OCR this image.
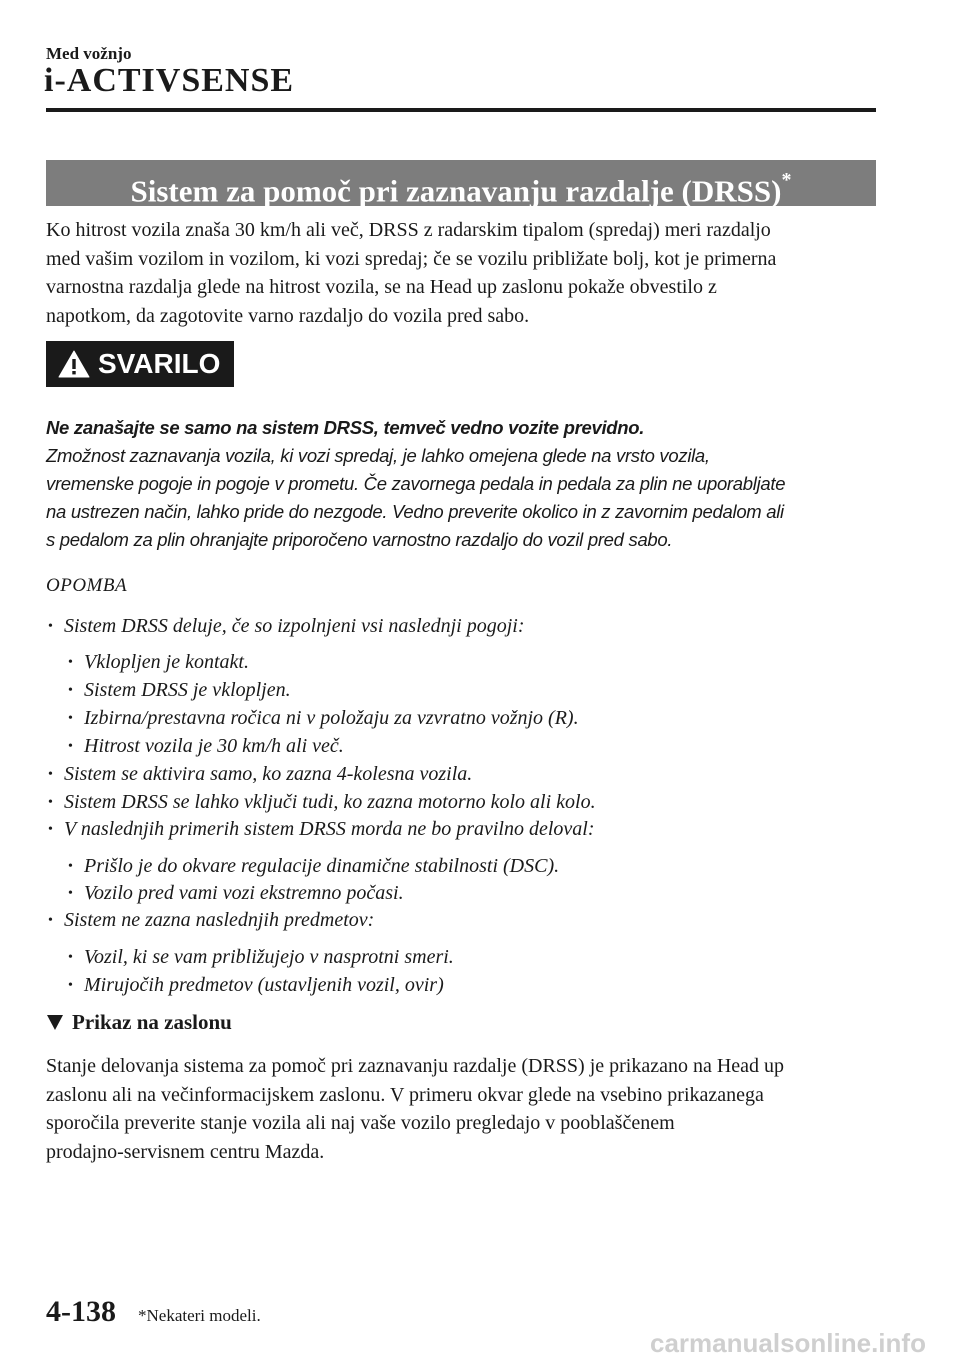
Med vožnjo
i-ACTIVSENSE
Sistem za pomoč pri zaznavanju razdalje (DRSS)*
Ko hitrost vozila znaša 30 km/h ali več, DRSS z radarskim tipalom (spredaj) meri razdaljo
med vašim vozilom in vozilom, ki vozi spredaj; če se vozilu približate bolj, kot je primerna
varnostna razdalja glede na hitrost vozila, se na Head up zaslonu pokaže obvestilo z
napotkom, da zagotovite varno razdaljo do vozila pred sabo.
SVARILO
Ne zanašajte se samo na sistem DRSS, temveč vedno vozite previdno.
Zmožnost zaznavanja vozila, ki vozi spredaj, je lahko omejena glede na vrsto vozila,
vremenske pogoje in pogoje v prometu. Če zavornega pedala in pedala za plin ne uporabljate
na ustrezen način, lahko pride do nezgode. Vedno preverite okolico in z zavornim pedalom ali
s pedalom za plin ohranjajte priporočeno varnostno razdaljo do vozil pred sabo.
OPOMBA
• Sistem DRSS deluje, če so izpolnjeni vsi naslednji pogoji:
• Vklopljen je kontakt.
• Sistem DRSS je vklopljen.
• Izbirna/prestavna ročica ni v položaju za vzvratno vožnjo (R).
• Hitrost vozila je 30 km/h ali več.
• Sistem se aktivira samo, ko zazna 4-kolesna vozila.
• Sistem DRSS se lahko vključi tudi, ko zazna motorno kolo ali kolo.
• V naslednjih primerih sistem DRSS morda ne bo pravilno deloval:
• Prišlo je do okvare regulacije dinamične stabilnosti (DSC).
• Vozilo pred vami vozi ekstremno počasi.
• Sistem ne zazna naslednjih predmetov:
• Vozil, ki se vam približujejo v nasprotni smeri.
• Mirujočih predmetov (ustavljenih vozil, ovir)
Prikaz na zaslonu
Stanje delovanja sistema za pomoč pri zaznavanju razdalje (DRSS) je prikazano na Head up
zaslonu ali na večinformacijskem zaslonu. V primeru okvar glede na vsebino prikazanega
sporočila preverite stanje vozila ali naj vaše vozilo pregledajo v pooblaščenem
prodajno-servisnem centru Mazda.
4-138 *Nekateri modeli.
carmanualsonline.info
